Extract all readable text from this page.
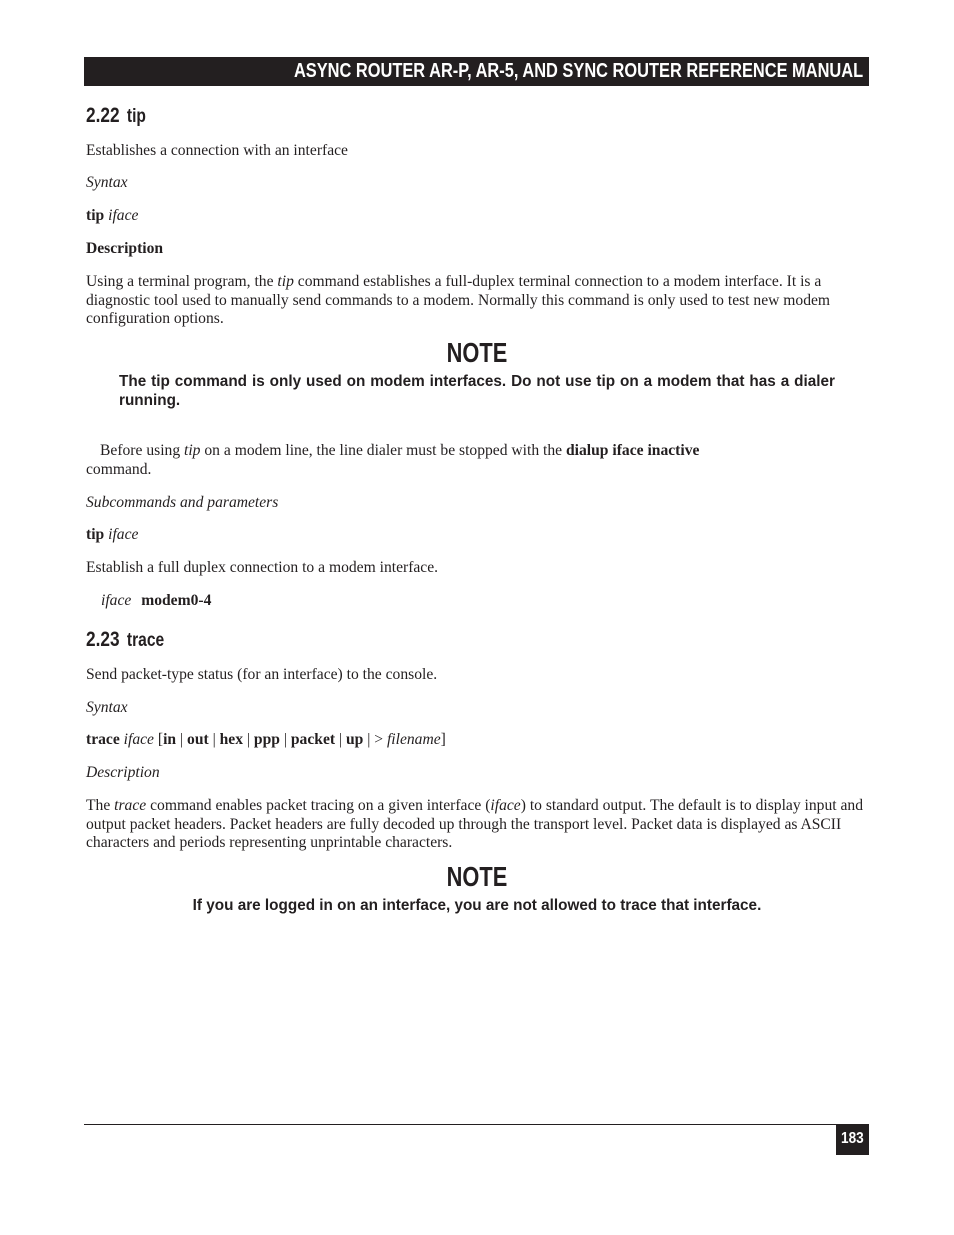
ASYNC ROUTER AR-P, AR-5, AND SYNC ROUTER REFERENCE MANUAL
2.22 tip
Establishes a connection with an interface
Syntax
tip iface
Description
Using a terminal program, the tip command establishes a full-duplex terminal connection to a modem interface. It is a diagnostic tool used to manually send commands to a modem. Normally this command is only used to test new modem configuration options.
NOTE
The tip command is only used on modem interfaces. Do not use tip on a modem that has a dialer running.
Before using tip on a modem line, the line dialer must be stopped with the dialup iface inactive
command.
Subcommands and parameters
tip iface
Establish a full duplex connection to a modem interface.
iface modem0-4
2.23 trace
Send packet-type status (for an interface) to the console.
Syntax
trace iface [in | out | hex | ppp | packet | up | > filename]
Description
The trace command enables packet tracing on a given interface (iface) to standard output. The default is to display input and output packet headers. Packet headers are fully decoded up through the transport level. Packet data is displayed as ASCII characters and periods representing unprintable characters.
NOTE
If you are logged in on an interface, you are not allowed to trace that interface.
183
